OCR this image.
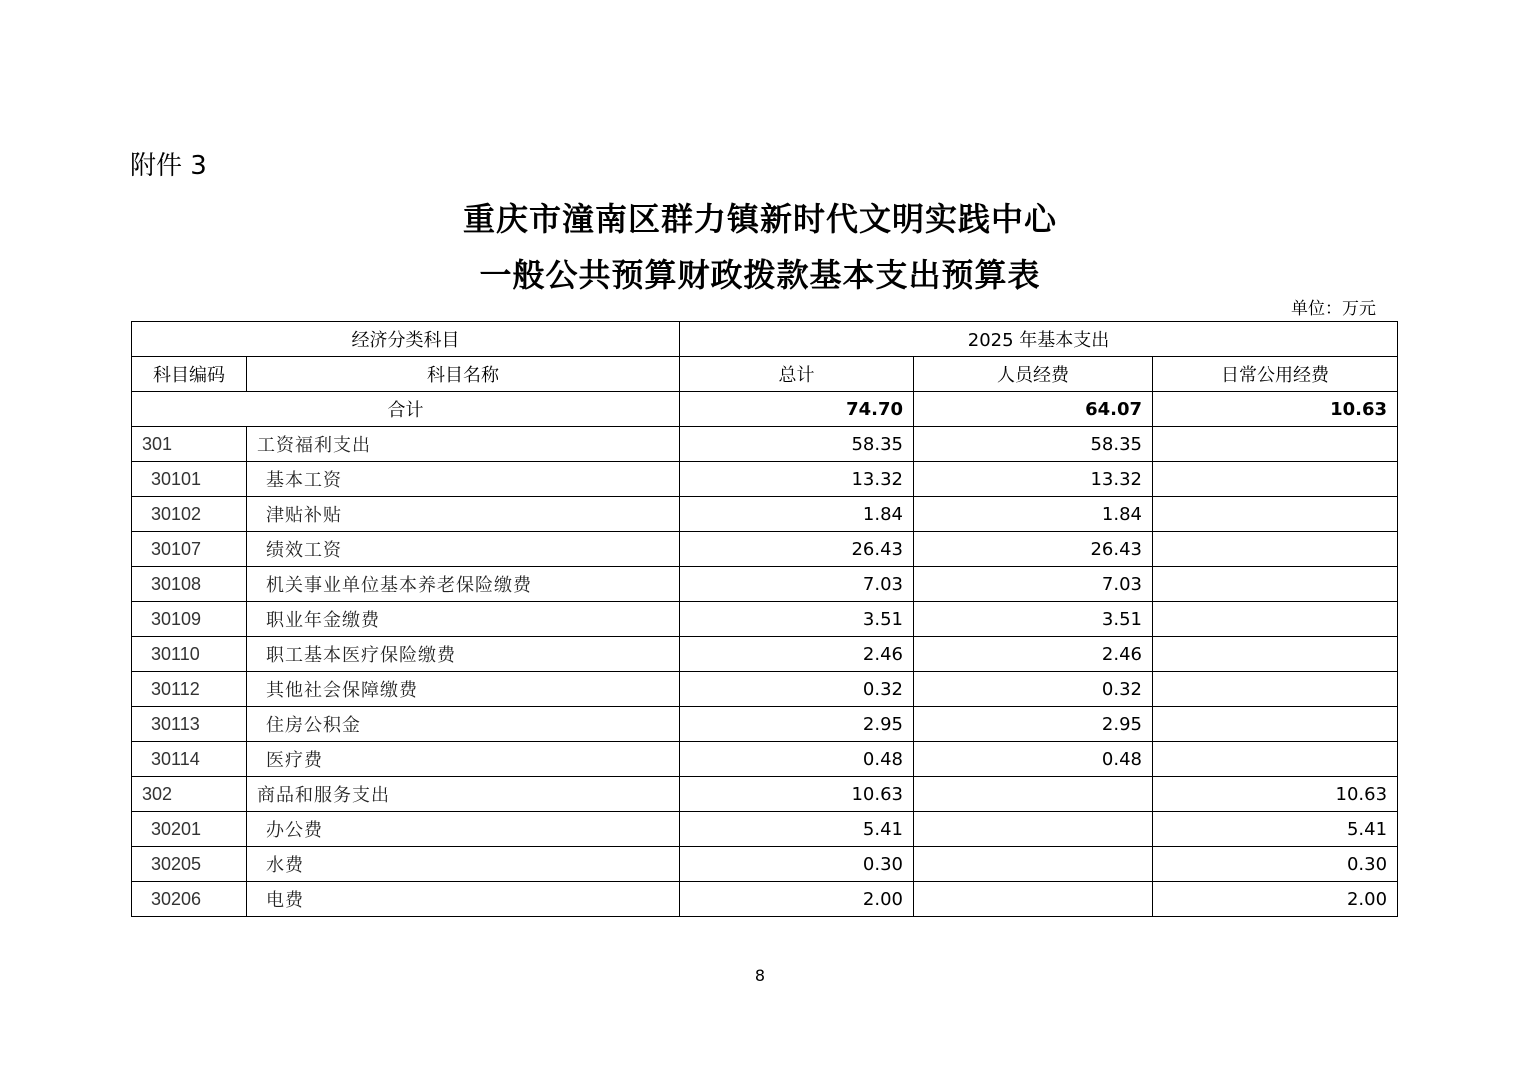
附件 3
重庆市潼南区群力镇新时代文明实践中心
一般公共预算财政拨款基本支出预算表
单位：万元
经济分类科目		2025 年基本支出		
科目编码	科目名称	总计	人员经费	日常公用经费
合计		74.70	64.07	10.63
301	工资福利支出	58.35	58.35	
30101	基本工资	13.32	13.32	
30102	津贴补贴	1.84	1.84	
30107	绩效工资	26.43	26.43	
30108	机关事业单位基本养老保险缴费	7.03	7.03	
30109	职业年金缴费	3.51	3.51	
30110	职工基本医疗保险缴费	2.46	2.46	
30112	其他社会保障缴费	0.32	0.32	
30113	住房公积金	2.95	2.95	
30114	医疗费	0.48	0.48	
302	商品和服务支出	10.63		10.63
30201	办公费	5.41		5.41
30205	水费	0.30		0.30
30206	电费	2.00		2.00
8
